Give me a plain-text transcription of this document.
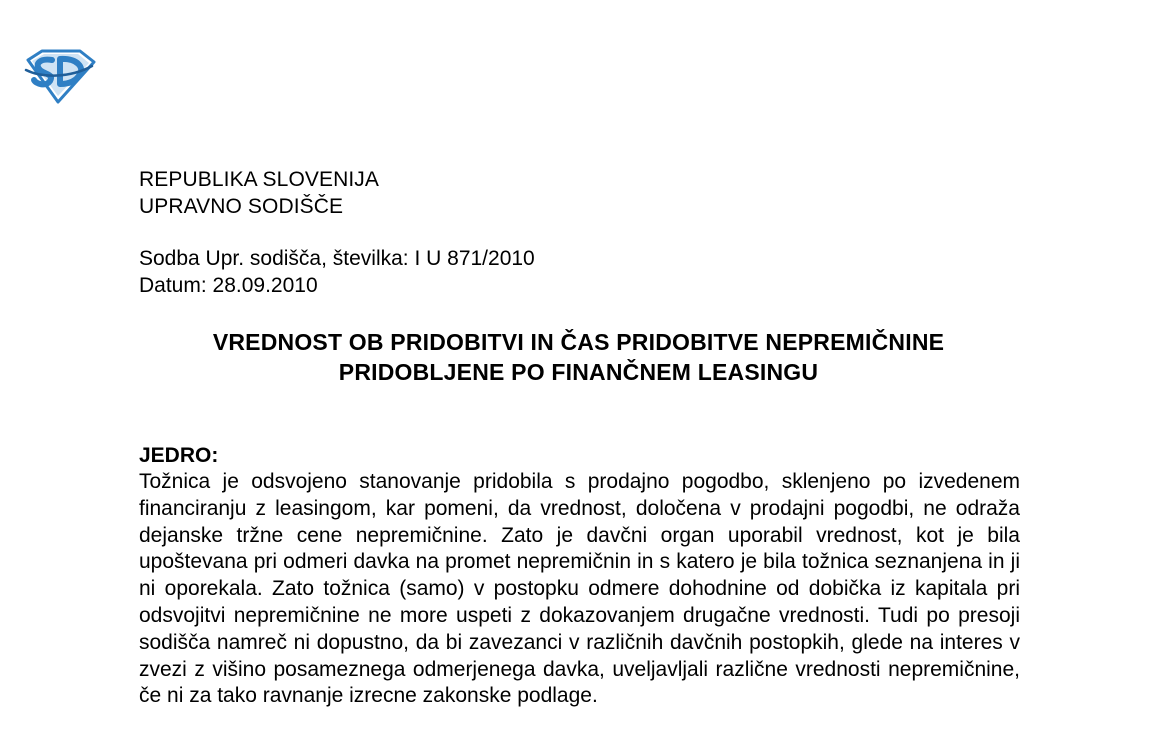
REPUBLIKA SLOVENIJA
UPRAVNO SODIŠČE
Sodba Upr. sodišča, številka: I U 871/2010
Datum: 28.09.2010
VREDNOST OB PRIDOBITVI IN ČAS PRIDOBITVE NEPREMIČNINE
PRIDOBLJENE PO FINANČNEM LEASINGU
JEDRO:

Tožnica je odsvojeno stanovanje pridobila s prodajno pogodbo, sklenjeno po izvedenem financiranju z leasingom, kar pomeni, da vrednost, določena v prodajni pogodbi, ne odraža dejanske tržne cene nepremičnine. Zato je davčni organ uporabil vrednost, kot je bila upoštevana pri odmeri davka na promet nepremičnin in s katero je bila tožnica seznanjena in ji ni oporekala. Zato tožnica (samo) v postopku odmere dohodnine od dobička iz kapitala pri odsvojitvi nepremičnine ne more uspeti z dokazovanjem drugačne vrednosti. Tudi po presoji sodišča namreč ni dopustno, da bi zavezanci v različnih davčnih postopkih, glede na interes v zvezi z višino posameznega odmerjenega davka, uveljavljali različne vrednosti nepremičnine, če ni za tako ravnanje izrecne zakonske podlage.
